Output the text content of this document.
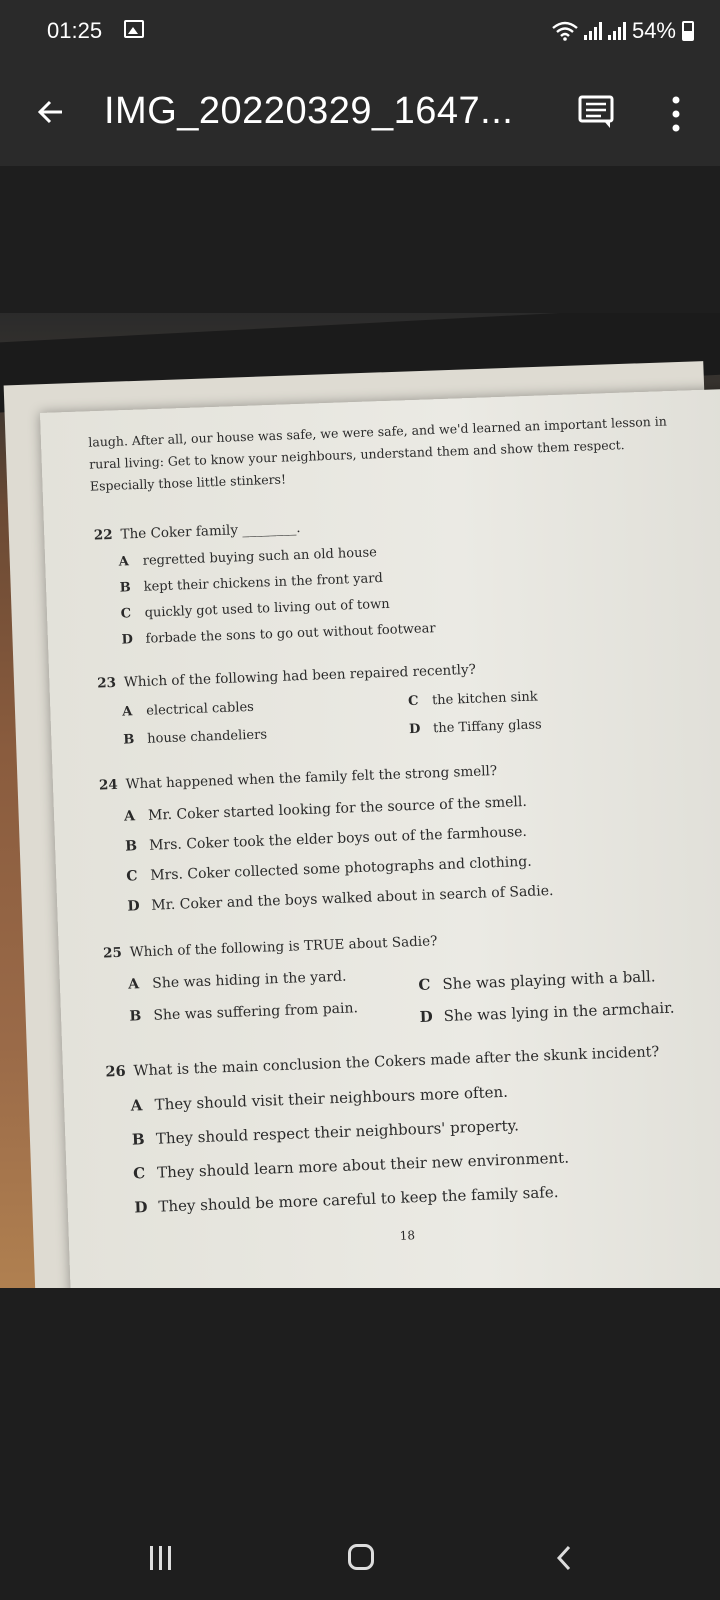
01:25	54%
IMG_20220329_1647...
laugh. After all, our house was safe, we were safe, and we'd learned an important lesson in rural living: Get to know your neighbours, understand them and show them respect. Especially those little stinkers!
22 The Coker family ________.
A regretted buying such an old house
B kept their chickens in the front yard
C quickly got used to living out of town
D forbade the sons to go out without footwear
23 Which of the following had been repaired recently?
A electrical cables
B house chandeliers
C the kitchen sink
D the Tiffany glass
24 What happened when the family felt the strong smell?
A Mr. Coker started looking for the source of the smell.
B Mrs. Coker took the elder boys out of the farmhouse.
C Mrs. Coker collected some photographs and clothing.
D Mr. Coker and the boys walked about in search of Sadie.
25 Which of the following is TRUE about Sadie?
A She was hiding in the yard.
B She was suffering from pain.
C She was playing with a ball.
D She was lying in the armchair.
26 What is the main conclusion the Cokers made after the skunk incident?
A They should visit their neighbours more often.
B They should respect their neighbours' property.
C They should learn more about their new environment.
D They should be more careful to keep the family safe.
18
